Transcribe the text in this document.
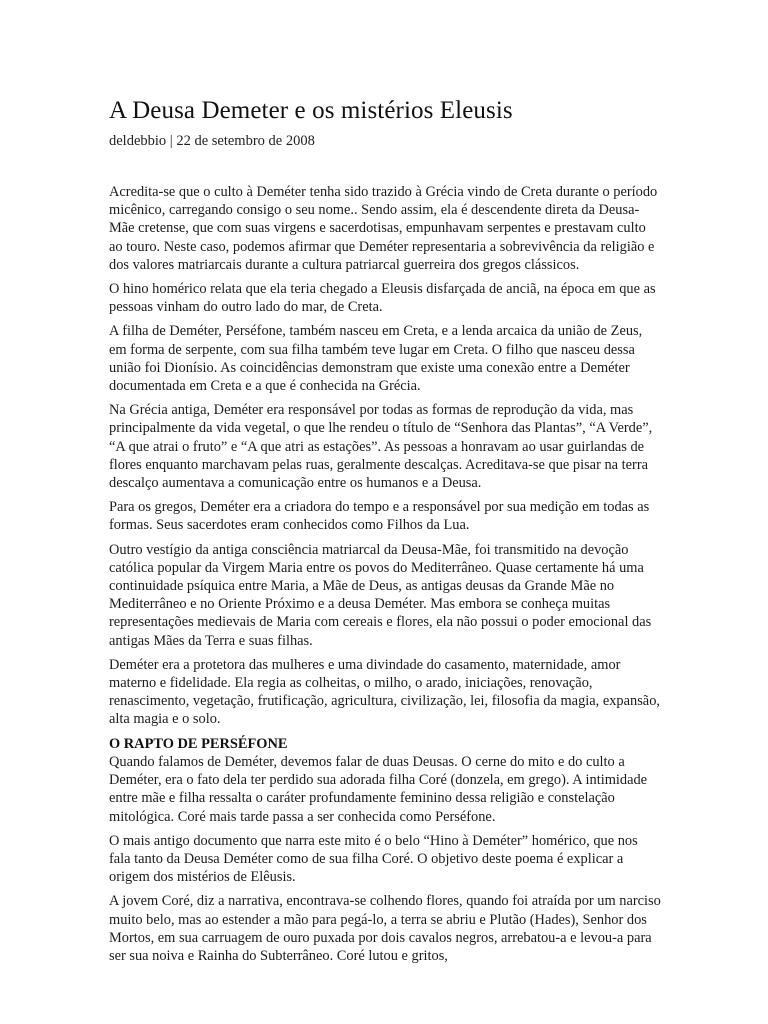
A Deusa Demeter e os mistérios Eleusis
deldebbio | 22 de setembro de 2008

Acredita-se que o culto à Deméter tenha sido trazido à Grécia vindo de Creta durante o período micênico, carregando consigo o seu nome.. Sendo assim, ela é descendente direta da Deusa-Mãe cretense, que com suas virgens e sacerdotisas, empunhavam serpentes e prestavam culto ao touro. Neste caso, podemos afirmar que Deméter representaria a sobrevivência da religião e dos valores matriarcais durante a cultura patriarcal guerreira dos gregos clássicos.

O hino homérico relata que ela teria chegado a Eleusis disfarçada de anciã, na época em que as pessoas vinham do outro lado do mar, de Creta.

A filha de Deméter, Perséfone, também nasceu em Creta, e a lenda arcaica da união de Zeus, em forma de serpente, com sua filha também teve lugar em Creta. O filho que nasceu dessa união foi Dionísio. As coincidências demonstram que existe uma conexão entre a Deméter documentada em Creta e a que é conhecida na Grécia.

Na Grécia antiga, Deméter era responsável por todas as formas de reprodução da vida, mas principalmente da vida vegetal, o que lhe rendeu o título de “Senhora das Plantas”, “A Verde”, “A que atrai o fruto” e “A que atri as estações”. As pessoas a honravam ao usar guirlandas de flores enquanto marchavam pelas ruas, geralmente descalças. Acreditava-se que pisar na terra descalço aumentava a comunicação entre os humanos e a Deusa.

Para os gregos, Deméter era a criadora do tempo e a responsável por sua medição em todas as formas. Seus sacerdotes eram conhecidos como Filhos da Lua.

Outro vestígio da antiga consciência matriarcal da Deusa-Mãe, foi transmitido na devoção católica popular da Virgem Maria entre os povos do Mediterrâneo. Quase certamente há uma continuidade psíquica entre Maria, a Mãe de Deus, as antigas deusas da Grande Mãe no Mediterrâneo e no Oriente Próximo e a deusa Deméter. Mas embora se conheça muitas representações medievais de Maria com cereais e flores, ela não possui o poder emocional das antigas Mães da Terra e suas filhas.

Deméter era a protetora das mulheres e uma divindade do casamento, maternidade, amor materno e fidelidade. Ela regia as colheitas, o milho, o arado, iniciações, renovação, renascimento, vegetação, frutificação, agricultura, civilização, lei, filosofia da magia, expansão, alta magia e o solo.

O RAPTO DE PERSÉFONE

Quando falamos de Deméter, devemos falar de duas Deusas. O cerne do mito e do culto a Deméter, era o fato dela ter perdido sua adorada filha Coré (donzela, em grego). A intimidade entre mãe e filha ressalta o caráter profundamente feminino dessa religião e constelação mitológica. Coré mais tarde passa a ser conhecida como Perséfone.

O mais antigo documento que narra este mito é o belo “Hino à Deméter” homérico, que nos fala tanto da Deusa Deméter como de sua filha Coré. O objetivo deste poema é explicar a origem dos mistérios de Elêusis.

A jovem Coré, diz a narrativa, encontrava-se colhendo flores, quando foi atraída por um narciso muito belo, mas ao estender a mão para pegá-lo, a terra se abriu e Plutão (Hades), Senhor dos Mortos, em sua carruagem de ouro puxada por dois cavalos negros, arrebatou-a e levou-a para ser sua noiva e Rainha do Subterrâneo. Coré lutou e gritos,
